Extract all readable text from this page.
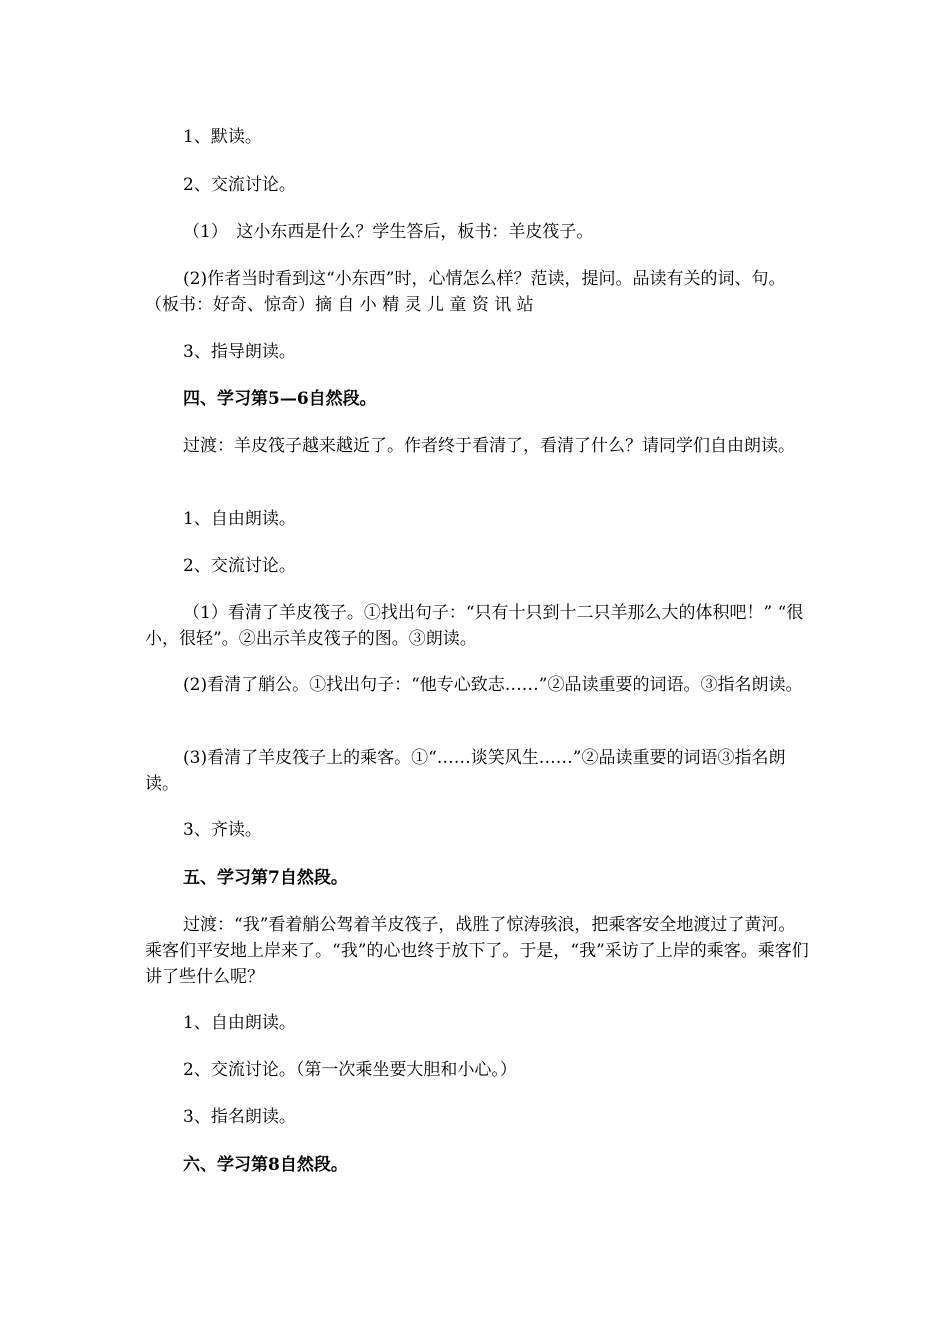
1、默读。
2、交流讨论。
（1）　这小东西是什么？学生答后，板书：羊皮筏子。
(2)作者当时看到这“小东西”时，心情怎么样？范读，提问。品读有关的词、句。（板书：好奇、惊奇）摘 自 小 精 灵 儿 童 资 讯 站
3、指导朗读。
四、学习第5—6自然段。
过渡：羊皮筏子越来越近了。作者终于看清了，看清了什么？请同学们自由朗读。
1、自由朗读。
2、交流讨论。
（1）看清了羊皮筏子。①找出句子：“只有十只到十二只羊那么大的体积吧！” “很小，很轻”。②出示羊皮筏子的图。③朗读。
(2)看清了艄公。①找出句子：“他专心致志……”②品读重要的词语。③指名朗读。
(3)看清了羊皮筏子上的乘客。①“……谈笑风生……”②品读重要的词语③指名朗读。
3、齐读。
五、学习第7自然段。
过渡：“我”看着艄公驾着羊皮筏子，战胜了惊涛骇浪，把乘客安全地渡过了黄河。乘客们平安地上岸来了。“我”的心也终于放下了。于是，“我”采访了上岸的乘客。乘客们讲了些什么呢？
1、自由朗读。
2、交流讨论。（第一次乘坐要大胆和小心。）
3、指名朗读。
六、学习第8自然段。
